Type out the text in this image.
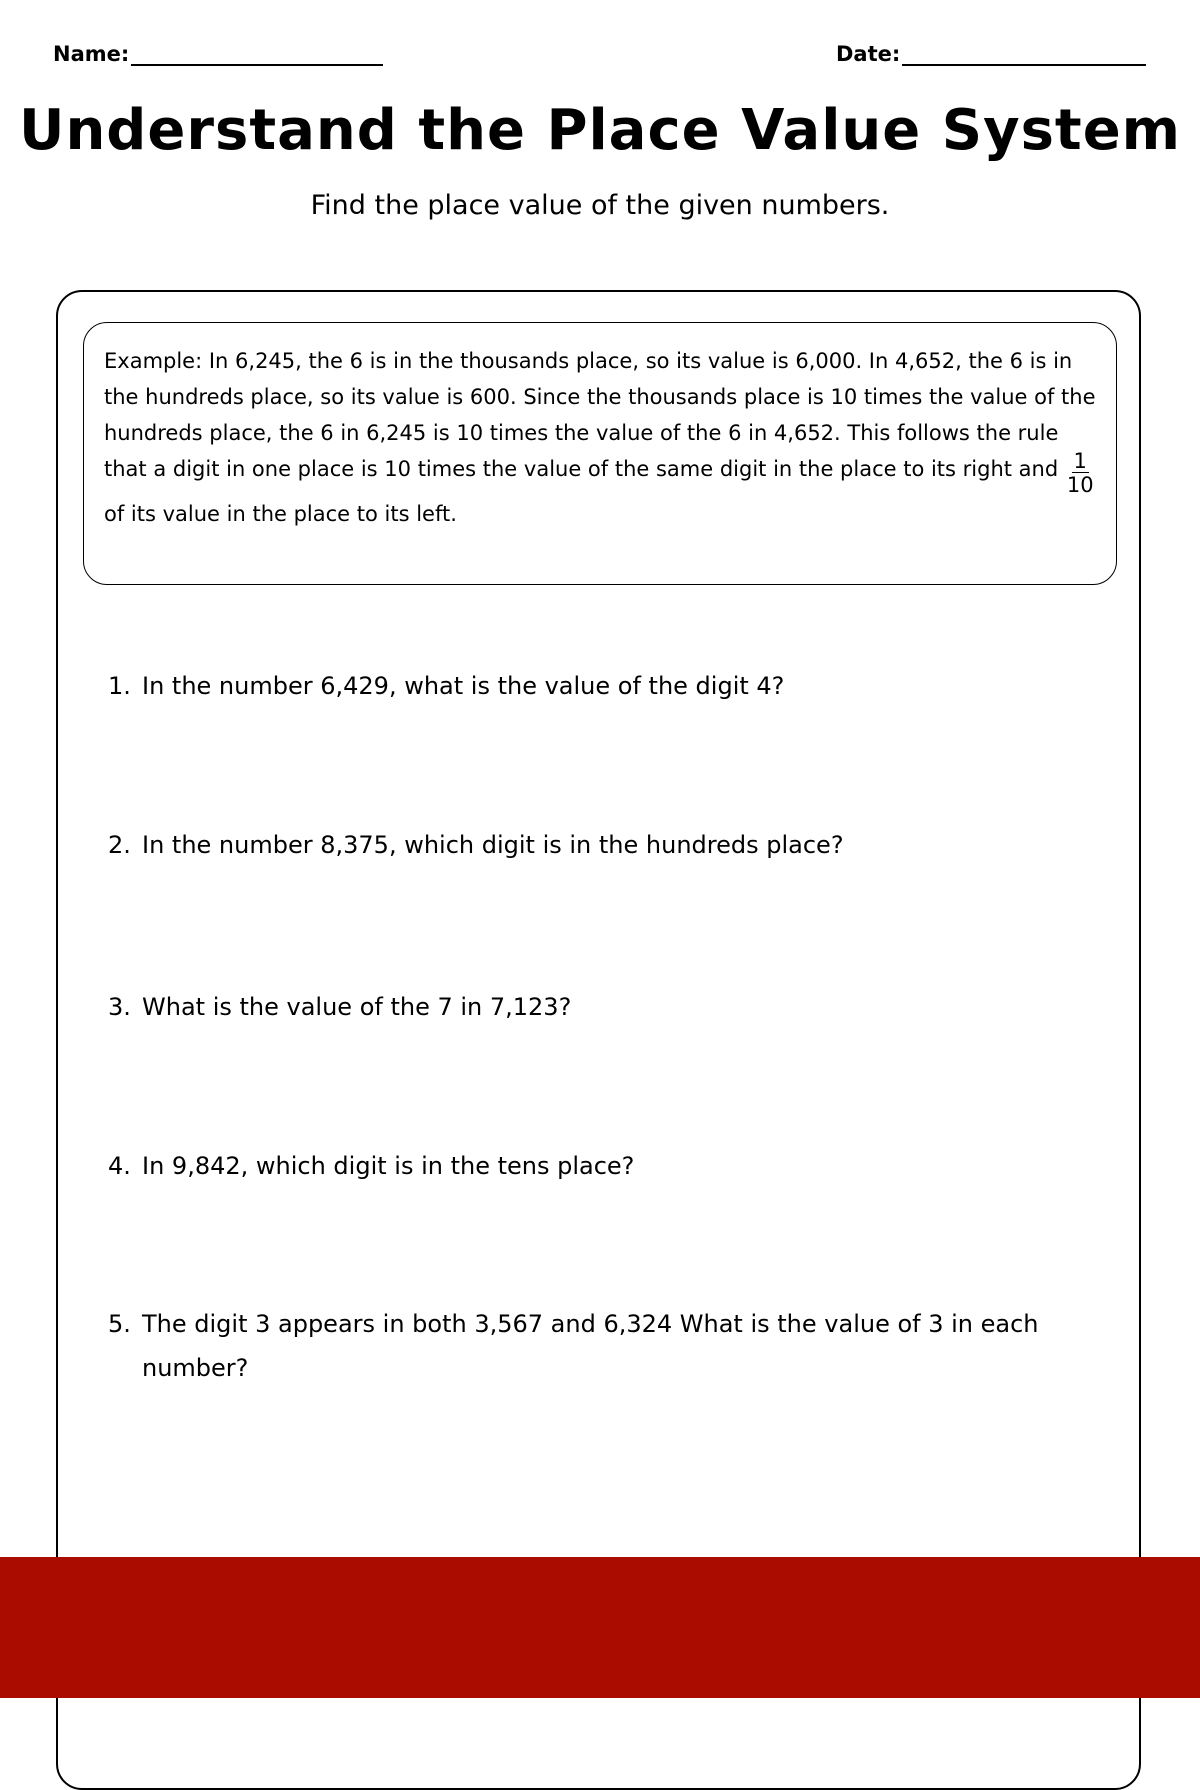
Name:	Date:
Understand the Place Value System

Find the place value of the given numbers.

Example: In 6,245, the 6 is in the thousands place, so its value is 6,000. In 4,652, the 6 is in the hundreds place, so its value is 600. Since the thousands place is 10 times the value of the hundreds place, the 6 in 6,245 is 10 times the value of the 6 in 4,652. This follows the rule that a digit in one place is 10 times the value of the same digit in the place to its right and $\frac{1}{10}$
of its value in the place to its left.

1. In the number 6,429, what is the value of the digit 4?
2. In the number 8,375, which digit is in the hundreds place?
3. What is the value of the 7 in 7,123?
4. In 9,842, which digit is in the tens place?
5. The digit 3 appears in both 3,567 and 6,324 What is the value of 3 in each number?
